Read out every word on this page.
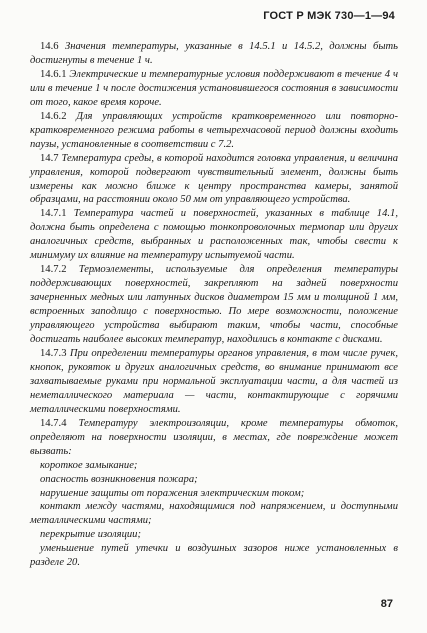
ГОСТ Р МЭК 730—1—94

14.6 Значения температуры, указанные в 14.5.1 и 14.5.2, должны быть достигнуты в течение 1 ч.

14.6.1 Электрические и температурные условия поддерживают в течение 4 ч или в течение 1 ч после достижения установившегося состояния в зависимости от того, какое время короче.

14.6.2 Для управляющих устройств кратковременного или повторно-кратковременного режима работы в четырехчасовой период должны входить паузы, установленные в соответствии с 7.2.

14.7 Температура среды, в которой находится головка управления, и величина управления, которой подвергают чувствительный элемент, должны быть измерены как можно ближе к центру пространства камеры, занятой образцами, на расстоянии около 50 мм от управляющего устройства.

14.7.1 Температура частей и поверхностей, указанных в таблице 14.1, должна быть определена с помощью тонкопроволочных термопар или других аналогичных средств, выбранных и расположенных так, чтобы свести к минимуму их влияние на температуру испытуемой части.

14.7.2 Термоэлементы, используемые для определения температуры поддерживающих поверхностей, закрепляют на задней поверхности зачерненных медных или латунных дисков диаметром 15 мм и толщиной 1 мм, встроенных заподлицо с поверхностью. По мере возможности, положение управляющего устройства выбирают таким, чтобы части, способные достигать наиболее высоких температур, находились в контакте с дисками.

14.7.3 При определении температуры органов управления, в том числе ручек, кнопок, рукояток и других аналогичных средств, во внимание принимают все захватываемые руками при нормальной эксплуатации части, а для частей из неметаллического материала — части, контактирующие с горячими металлическими поверхностями.

14.7.4 Температуру электроизоляции, кроме температуры обмоток, определяют на поверхности изоляции, в местах, где повреждение может вызвать:

короткое замыкание;

опасность возникновения пожара;

нарушение защиты от поражения электрическим током;

контакт между частями, находящимися под напряжением, и доступными металлическими частями;

перекрытие изоляции;

уменьшение путей утечки и воздушных зазоров ниже установленных в разделе 20.

87
